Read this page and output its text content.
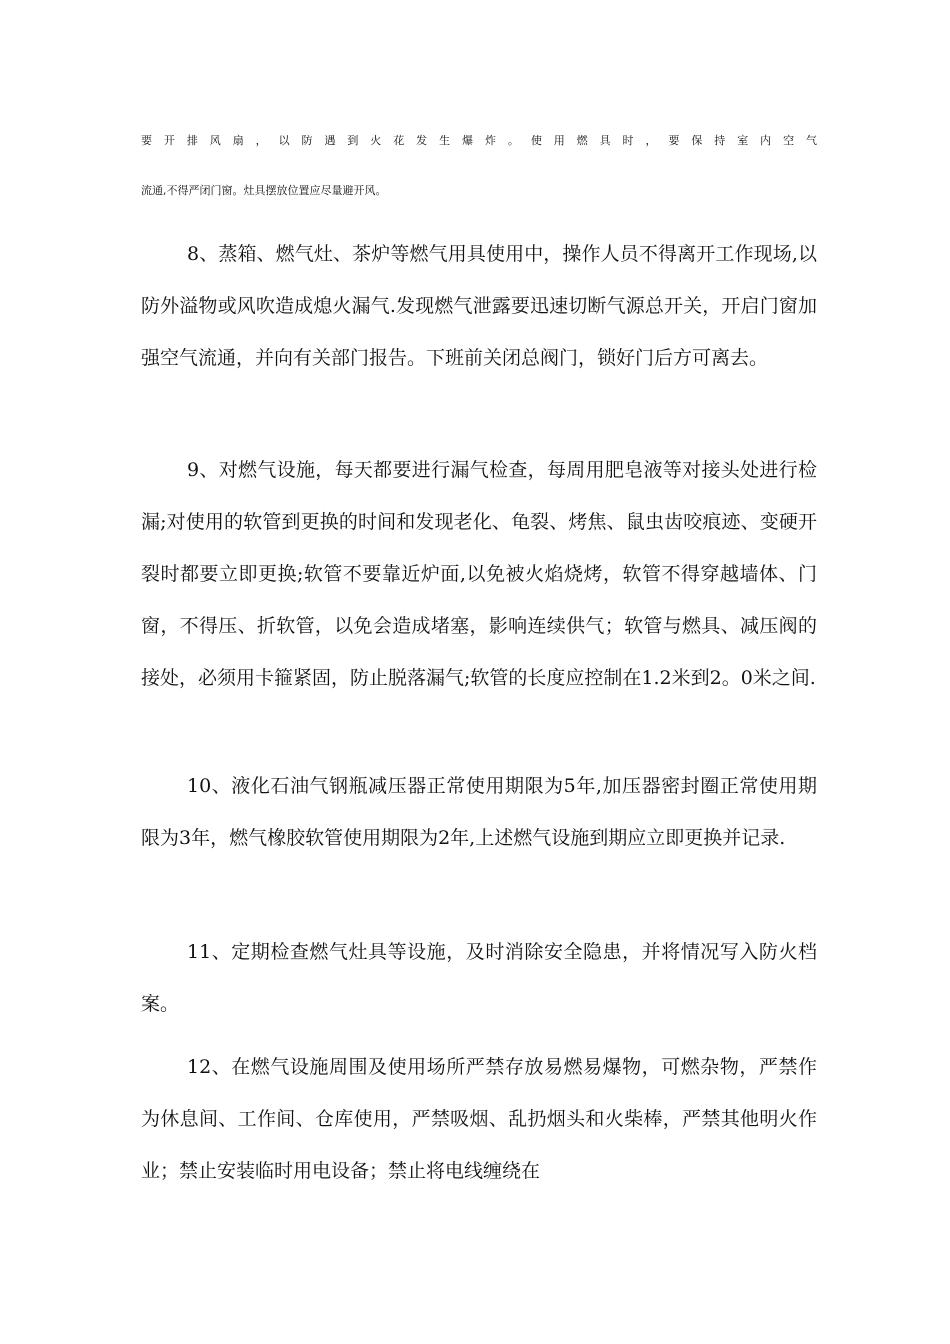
要开排风扇，以防遇到火花发生爆炸。使用燃具时，要保持室内空气
流通,不得严闭门窗。灶具摆放位置应尽量避开风。

8、蒸箱、燃气灶、茶炉等燃气用具使用中，操作人员不得离开工作现场,以防外溢物或风吹造成熄火漏气.发现燃气泄露要迅速切断气源总开关，开启门窗加强空气流通，并向有关部门报告。下班前关闭总阀门，锁好门后方可离去。

9、对燃气设施，每天都要进行漏气检查，每周用肥皂液等对接头处进行检漏;对使用的软管到更换的时间和发现老化、龟裂、烤焦、鼠虫齿咬痕迹、变硬开裂时都要立即更换;软管不要靠近炉面,以免被火焰烧烤，软管不得穿越墙体、门窗，不得压、折软管，以免会造成堵塞，影响连续供气；软管与燃具、减压阀的接处，必须用卡箍紧固，防止脱落漏气;软管的长度应控制在1.2米到2。0米之间.

10、液化石油气钢瓶减压器正常使用期限为5年,加压器密封圈正常使用期限为3年，燃气橡胶软管使用期限为2年,上述燃气设施到期应立即更换并记录.

11、定期检查燃气灶具等设施，及时消除安全隐患，并将情况写入防火档案。

12、在燃气设施周围及使用场所严禁存放易燃易爆物，可燃杂物，严禁作为休息间、工作间、仓库使用，严禁吸烟、乱扔烟头和火柴棒，严禁其他明火作业；禁止安装临时用电设备；禁止将电线缠绕在
